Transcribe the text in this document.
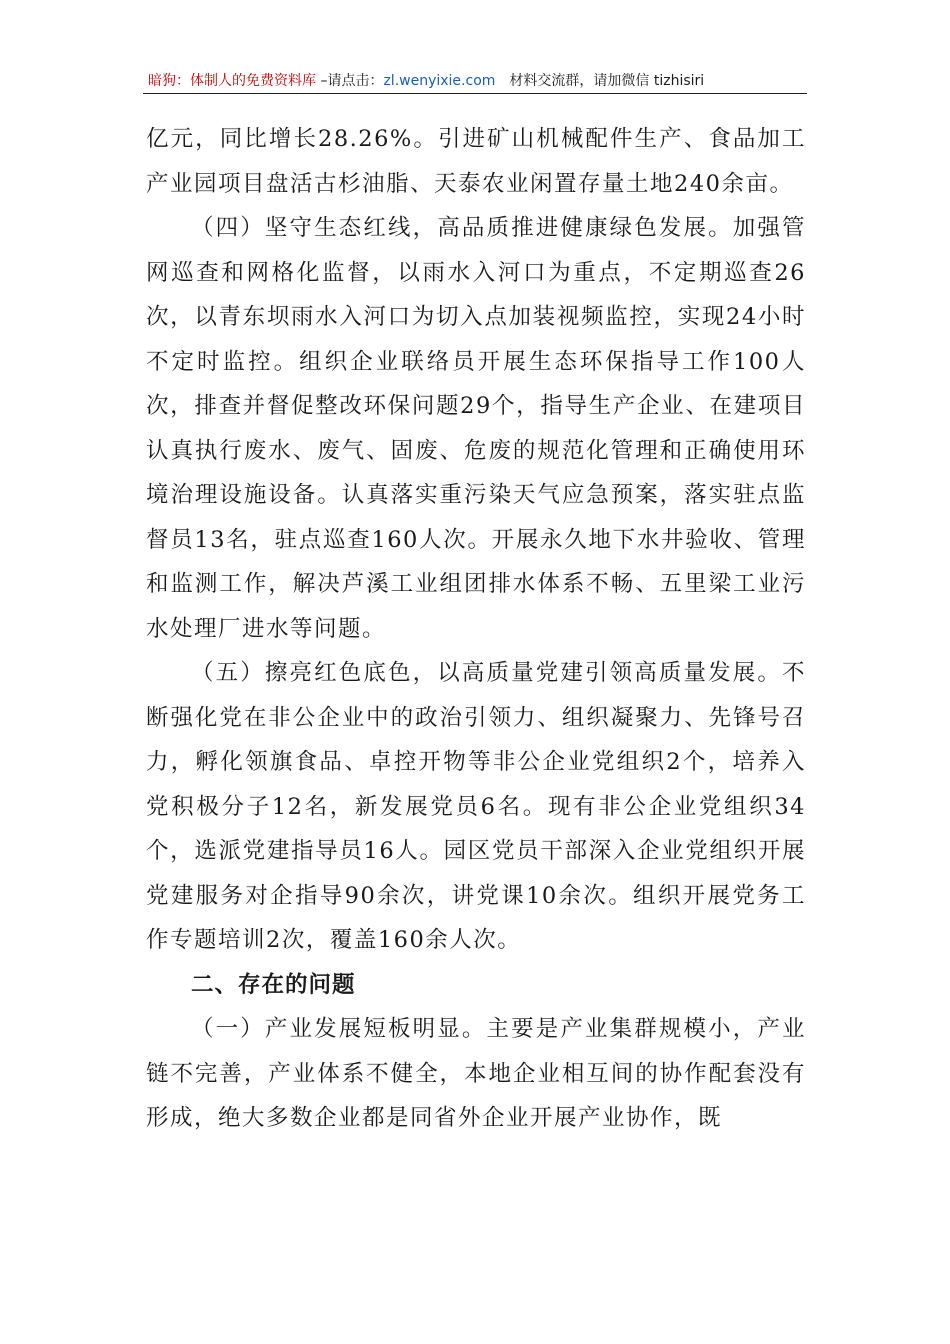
暗狗：体制人的免费资料库 –请点击：zl.wenyixie.com 材料交流群，请加微信 tizhisiri

亿元，同比增长28.26%。引进矿山机械配件生产、食品加工产业园项目盘活古杉油脂、天泰农业闲置存量土地240余亩。

（四）坚守生态红线，高品质推进健康绿色发展。加强管网巡查和网格化监督，以雨水入河口为重点，不定期巡查26次，以青东坝雨水入河口为切入点加装视频监控，实现24小时不定时监控。组织企业联络员开展生态环保指导工作100人次，排查并督促整改环保问题29个，指导生产企业、在建项目认真执行废水、废气、固废、危废的规范化管理和正确使用环境治理设施设备。认真落实重污染天气应急预案，落实驻点监督员13名，驻点巡查160人次。开展永久地下水井验收、管理和监测工作，解决芦溪工业组团排水体系不畅、五里梁工业污水处理厂进水等问题。

（五）擦亮红色底色，以高质量党建引领高质量发展。不断强化党在非公企业中的政治引领力、组织凝聚力、先锋号召力，孵化领旗食品、卓控开物等非公企业党组织2个，培养入党积极分子12名，新发展党员6名。现有非公企业党组织34个，选派党建指导员16人。园区党员干部深入企业党组织开展党建服务对企指导90余次，讲党课10余次。组织开展党务工作专题培训2次，覆盖160余人次。

二、存在的问题

（一）产业发展短板明显。主要是产业集群规模小，产业链不完善，产业体系不健全，本地企业相互间的协作配套没有形成，绝大多数企业都是同省外企业开展产业协作，既
